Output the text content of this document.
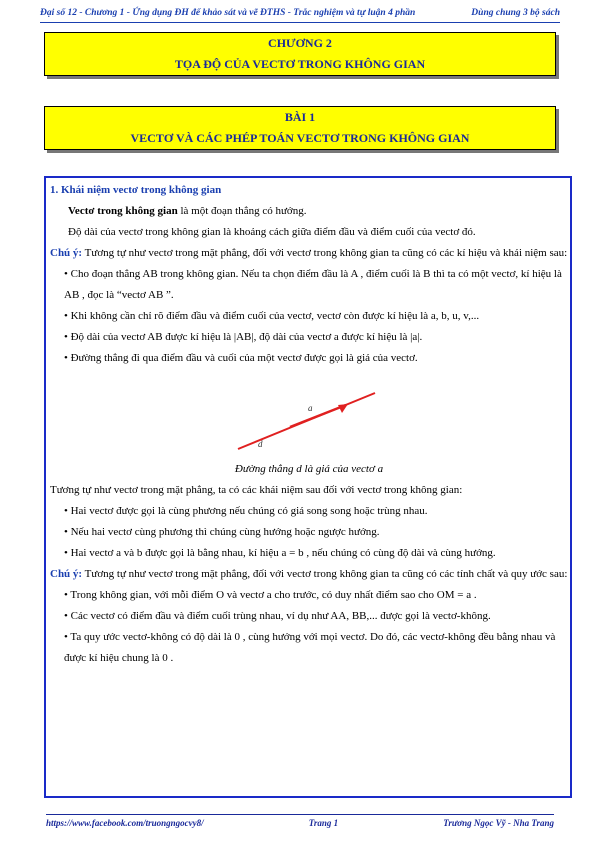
Đại số 12 - Chương 1 - Ứng dụng ĐH để khảo sát và vẽ ĐTHS - Trắc nghiệm và tự luận 4 phần	Dùng chung 3 bộ sách
CHƯƠNG 2
TỌA ĐỘ CỦA VECTƠ TRONG KHÔNG GIAN
BÀI 1
VECTƠ VÀ CÁC PHÉP TOÁN VECTƠ TRONG KHÔNG GIAN

1. Khái niệm vectơ trong không gian

Vectơ trong không gian là một đoạn thẳng có hướng.

Độ dài của vectơ trong không gian là khoảng cách giữa điểm đầu và điểm cuối của vectơ đó.

Chú ý: Tương tự như vectơ trong mặt phẳng, đối với vectơ trong không gian ta cũng có các kí hiệu và khái niệm sau:

• Cho đoạn thẳng AB trong không gian. Nếu ta chọn điểm đầu là A , điểm cuối là B thì ta có một vectơ, kí hiệu là AB , đọc là “vectơ AB ”.

• Khi không cần chỉ rõ điểm đầu và điểm cuối của vectơ, vectơ còn được kí hiệu là a, b, u, v,...

• Độ dài của vectơ AB được kí hiệu là |AB|, độ dài của vectơ a được kí hiệu là |a|.

• Đường thẳng đi qua điểm đầu và cuối của một vectơ được gọi là giá của vectơ.

a
d

Đường thẳng d là giá của vectơ a

Tương tự như vectơ trong mặt phẳng, ta có các khái niệm sau đối với vectơ trong không gian:

• Hai vectơ được gọi là cùng phương nếu chúng có giá song song hoặc trùng nhau.

• Nếu hai vectơ cùng phương thì chúng cùng hướng hoặc ngược hướng.

• Hai vectơ a và b được gọi là bằng nhau, kí hiệu a = b , nếu chúng có cùng độ dài và cùng hướng.

Chú ý: Tương tự như vectơ trong mặt phẳng, đối với vectơ trong không gian ta cũng có các tính chất và quy ước sau:

• Trong không gian, với mỗi điểm O và vectơ a cho trước, có duy nhất điểm sao cho OM = a .

• Các vectơ có điểm đầu và điểm cuối trùng nhau, ví dụ như AA, BB,... được gọi là vectơ-không.

• Ta quy ước vectơ-không có độ dài là 0 , cùng hướng với mọi vectơ. Do đó, các vectơ-không đều bằng nhau và được kí hiệu chung là 0 .

https://www.facebook.com/truongngocvy8/	Trang 1	Trương Ngọc Vỹ - Nha Trang
